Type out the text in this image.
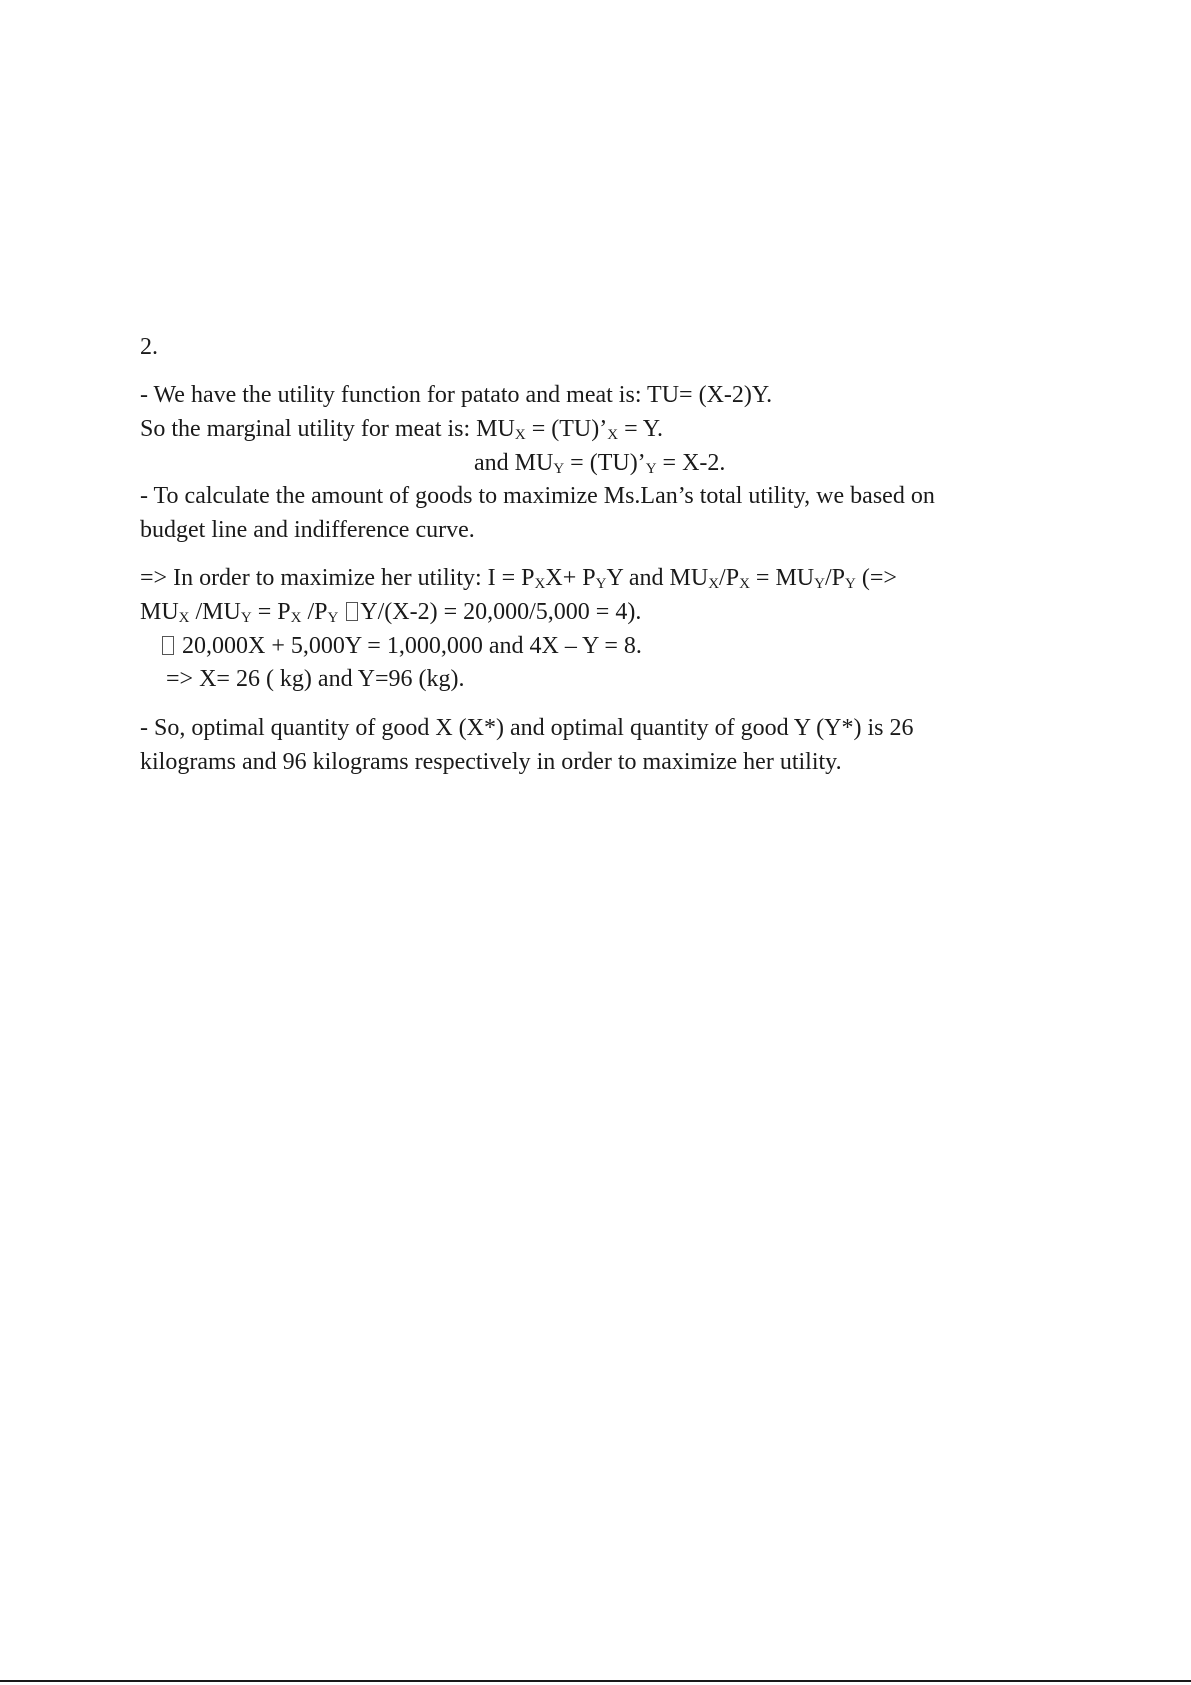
2.
- We have the utility function for patato and meat is: TU= (X-2)Y.
So the marginal utility for meat is: $MU_X$ = $(TU)’_X = Y$.
and $MU_Y$ = $(TU)’_Y = X-2$.
- To calculate the amount of goods to maximize Ms.Lan’s total utility, we based on
budget line and indifference curve.
=> In order to maximize her utility: $I = P_XX+ P_YY$ and $MU_X/P_X = MU_Y/P_Y$ (=>
$MU_X$ $/MU_Y = P_X$ $/P_Y$ Y/(X-2) = 20,000/5,000 = 4).
20,000X + 5,000Y = 1,000,000 and 4X – Y = 8.
=> X= 26 ( kg) and Y=96 (kg).
- So, optimal quantity of good X (X*) and optimal quantity of good Y (Y*) is 26
kilograms and 96 kilograms respectively in order to maximize her utility.
